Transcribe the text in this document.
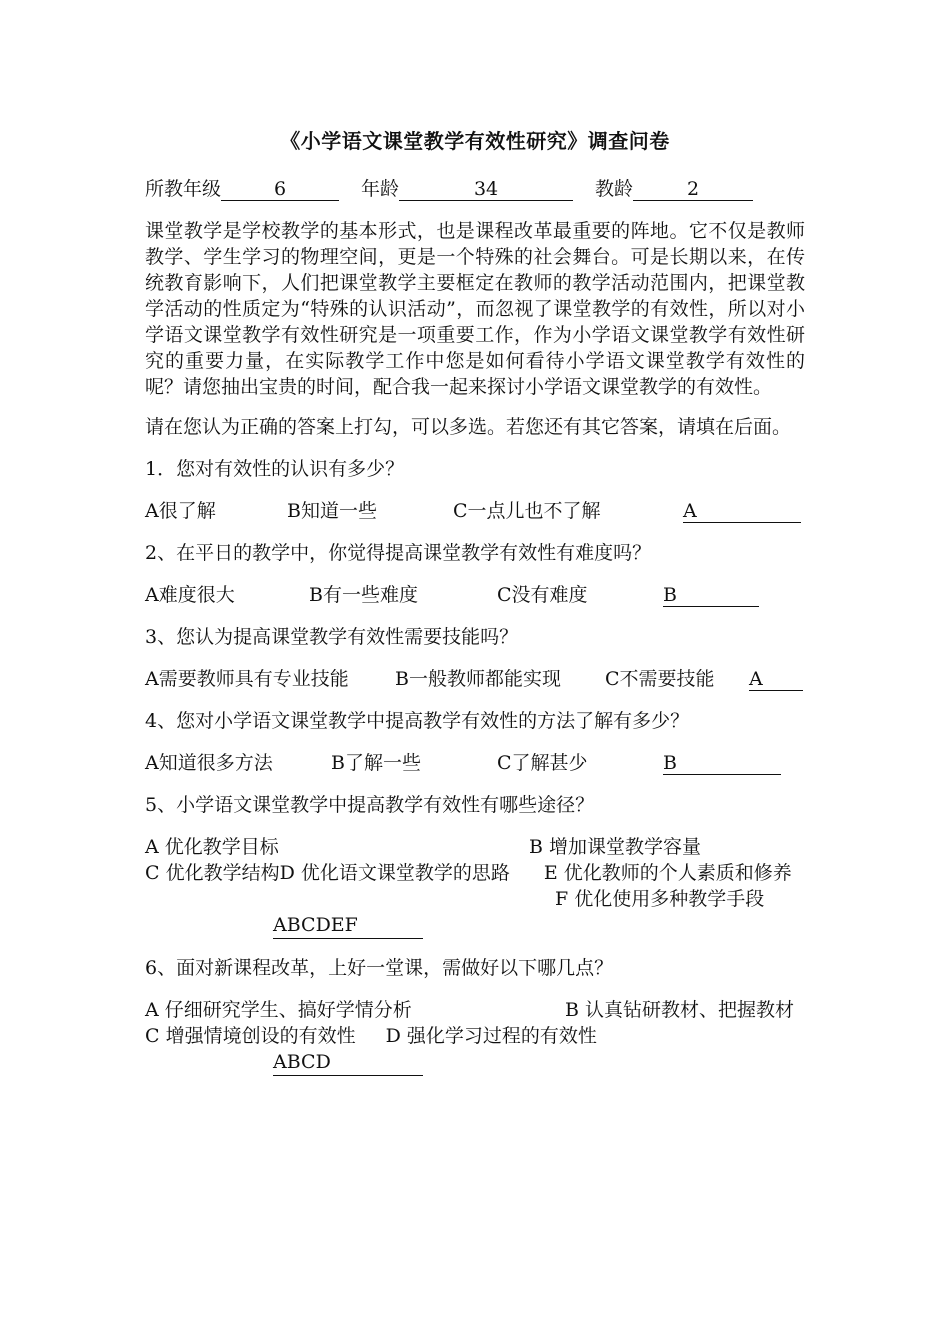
《小学语文课堂教学有效性研究》调查问卷
所教年级	6	年龄	34	教龄	2
课堂教学是学校教学的基本形式，也是课程改革最重要的阵地。它不仅是教师教学、学生学习的物理空间，更是一个特殊的社会舞台。可是长期以来，在传统教育影响下，人们把课堂教学主要框定在教师的教学活动范围内，把课堂教学活动的性质定为“特殊的认识活动”，而忽视了课堂教学的有效性，所以对小学语文课堂教学有效性研究是一项重要工作，作为小学语文课堂教学有效性研究的重要力量，在实际教学工作中您是如何看待小学语文课堂教学有效性的呢？请您抽出宝贵的时间，配合我一起来探讨小学语文课堂教学的有效性。
请在您认为正确的答案上打勾，可以多选。若您还有其它答案，请填在后面。
1．您对有效性的认识有多少？
A很了解	B知道一些	C一点儿也不了解	A
2、在平日的教学中，你觉得提高课堂教学有效性有难度吗？
A难度很大	B有一些难度	C没有难度	B
3、您认为提高课堂教学有效性需要技能吗？
A需要教师具有专业技能 B一般教师都能实现 C不需要技能 A
4、您对小学语文课堂教学中提高教学有效性的方法了解有多少？
A知道很多方法	B了解一些	C了解甚少	B
5、小学语文课堂教学中提高教学有效性有哪些途径？
A 优化教学目标	B 增加课堂教学容量
C 优化教学结构D 优化语文课堂教学的思路 E 优化教师的个人素质和修养
F 优化使用多种教学手段
ABCDEF
6、面对新课程改革，上好一堂课，需做好以下哪几点？
A 仔细研究学生、搞好学情分析	B 认真钻研教材、把握教材
C 增强情境创设的有效性 D 强化学习过程的有效性
ABCD
